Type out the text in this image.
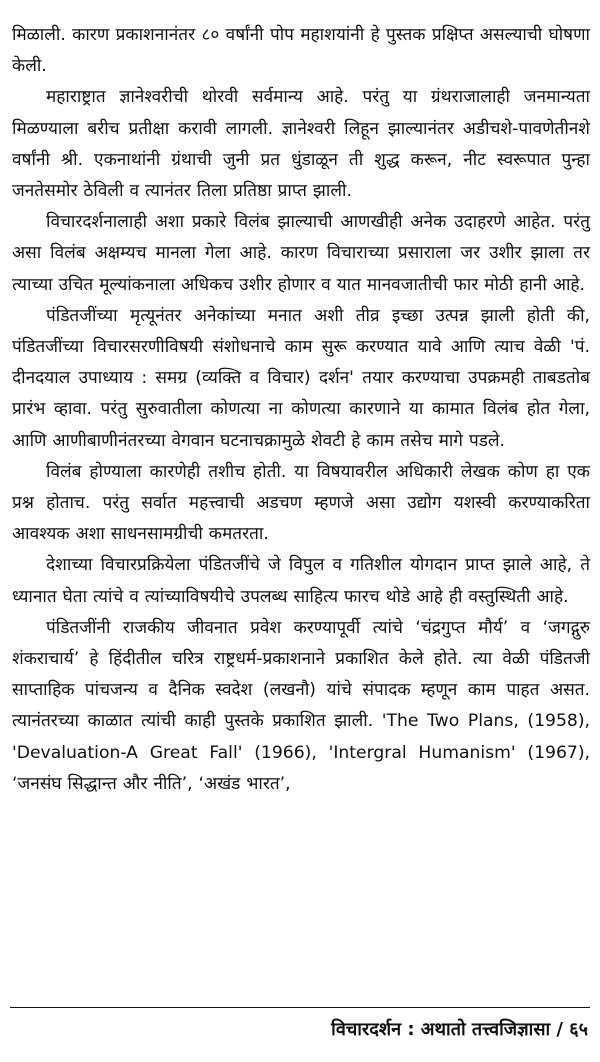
मिळाली. कारण प्रकाशनानंतर ८० वर्षांनी पोप महाशयांनी हे पुस्तक प्रक्षिप्त असल्याची घोषणा केली.

महाराष्ट्रात ज्ञानेश्वरीची थोरवी सर्वमान्य आहे. परंतु या ग्रंथराजालाही जनमान्यता मिळण्याला बरीच प्रतीक्षा करावी लागली. ज्ञानेश्वरी लिहून झाल्यानंतर अडीचशे-पावणेतीनशे वर्षांनी श्री. एकनाथांनी ग्रंथाची जुनी प्रत धुंडाळून ती शुद्ध करून, नीट स्वरूपात पुन्हा जनतेसमोर ठेविली व त्यानंतर तिला प्रतिष्ठा प्राप्त झाली.

विचारदर्शनालाही अशा प्रकारे विलंब झाल्याची आणखीही अनेक उदाहरणे आहेत. परंतु असा विलंब अक्षम्यच मानला गेला आहे. कारण विचाराच्या प्रसाराला जर उशीर झाला तर त्याच्या उचित मूल्यांकनाला अधिकच उशीर होणार व यात मानवजातीची फार मोठी हानी आहे.

पंडितजींच्या मृत्यूनंतर अनेकांच्या मनात अशी तीव्र इच्छा उत्पन्न झाली होती की, पंडितजींच्या विचारसरणीविषयी संशोधनाचे काम सुरू करण्यात यावे आणि त्याच वेळी 'पं. दीनदयाल उपाध्याय : समग्र (व्यक्ति व विचार) दर्शन' तयार करण्याचा उपक्रमही ताबडतोब प्रारंभ व्हावा. परंतु सुरुवातीला कोणत्या ना कोणत्या कारणाने या कामात विलंब होत गेला, आणि आणीबाणीनंतरच्या वेगवान घटनाचक्रामुळे शेवटी हे काम तसेच मागे पडले.

विलंब होण्याला कारणेही तशीच होती. या विषयावरील अधिकारी लेखक कोण हा एक प्रश्न होताच. परंतु सर्वात महत्त्वाची अडचण म्हणजे असा उद्योग यशस्वी करण्याकरिता आवश्यक अशा साधनसामग्रीची कमतरता.

देशाच्या विचारप्रक्रियेला पंडितजींचे जे विपुल व गतिशील योगदान प्राप्त झाले आहे, ते ध्यानात घेता त्यांचे व त्यांच्याविषयीचे उपलब्ध साहित्य फारच थोडे आहे ही वस्तुस्थिती आहे.

पंडितजींनी राजकीय जीवनात प्रवेश करण्यापूर्वी त्यांचे ‘चंद्रगुप्त मौर्य’ व ‘जगद्गुरु शंकराचार्य’ हे हिंदीतील चरित्र राष्ट्रधर्म-प्रकाशनाने प्रकाशित केले होते. त्या वेळी पंडितजी साप्ताहिक पांचजन्य व दैनिक स्वदेश (लखनौ) यांचे संपादक म्हणून काम पाहत असत. त्यानंतरच्या काळात त्यांची काही पुस्तके प्रकाशित झाली. 'The Two Plans, (1958), 'Devaluation-A Great Fall' (1966), 'Intergral Humanism' (1967), ‘जनसंघ सिद्धान्त और नीति’, ‘अखंड भारत’,

विचारदर्शन : अथातो तत्त्वजिज्ञासा / ६५
